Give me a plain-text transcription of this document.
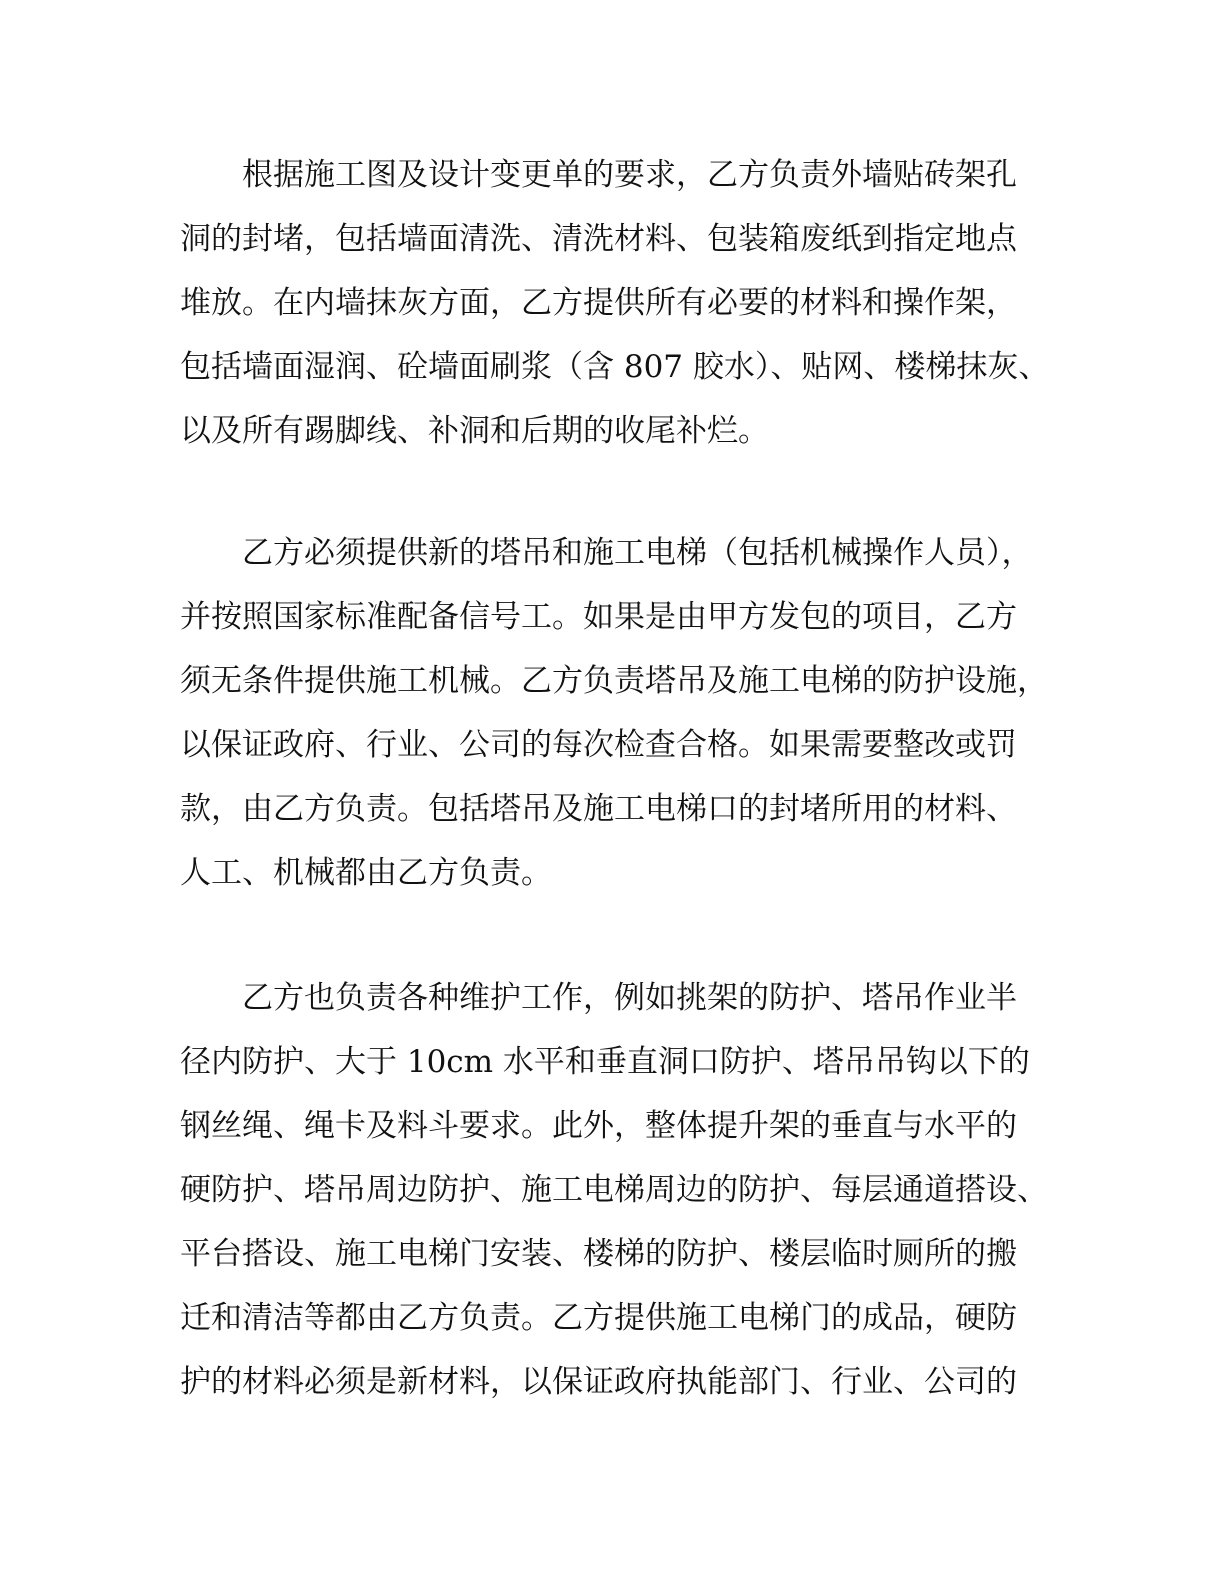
根据施工图及设计变更单的要求，乙方负责外墙贴砖架孔
洞的封堵，包括墙面清洗、清洗材料、包装箱废纸到指定地点
堆放。在内墙抹灰方面，乙方提供所有必要的材料和操作架，
包括墙面湿润、砼墙面刷浆（含 807 胶水）、贴网、楼梯抹灰、
以及所有踢脚线、补洞和后期的收尾补烂。
乙方必须提供新的塔吊和施工电梯（包括机械操作人员），
并按照国家标准配备信号工。如果是由甲方发包的项目，乙方
须无条件提供施工机械。乙方负责塔吊及施工电梯的防护设施，
以保证政府、行业、公司的每次检查合格。如果需要整改或罚
款，由乙方负责。包括塔吊及施工电梯口的封堵所用的材料、
人工、机械都由乙方负责。
乙方也负责各种维护工作，例如挑架的防护、塔吊作业半
径内防护、大于 10cm 水平和垂直洞口防护、塔吊吊钩以下的
钢丝绳、绳卡及料斗要求。此外，整体提升架的垂直与水平的
硬防护、塔吊周边防护、施工电梯周边的防护、每层通道搭设、
平台搭设、施工电梯门安装、楼梯的防护、楼层临时厕所的搬
迁和清洁等都由乙方负责。乙方提供施工电梯门的成品，硬防
护的材料必须是新材料，以保证政府执能部门、行业、公司的
